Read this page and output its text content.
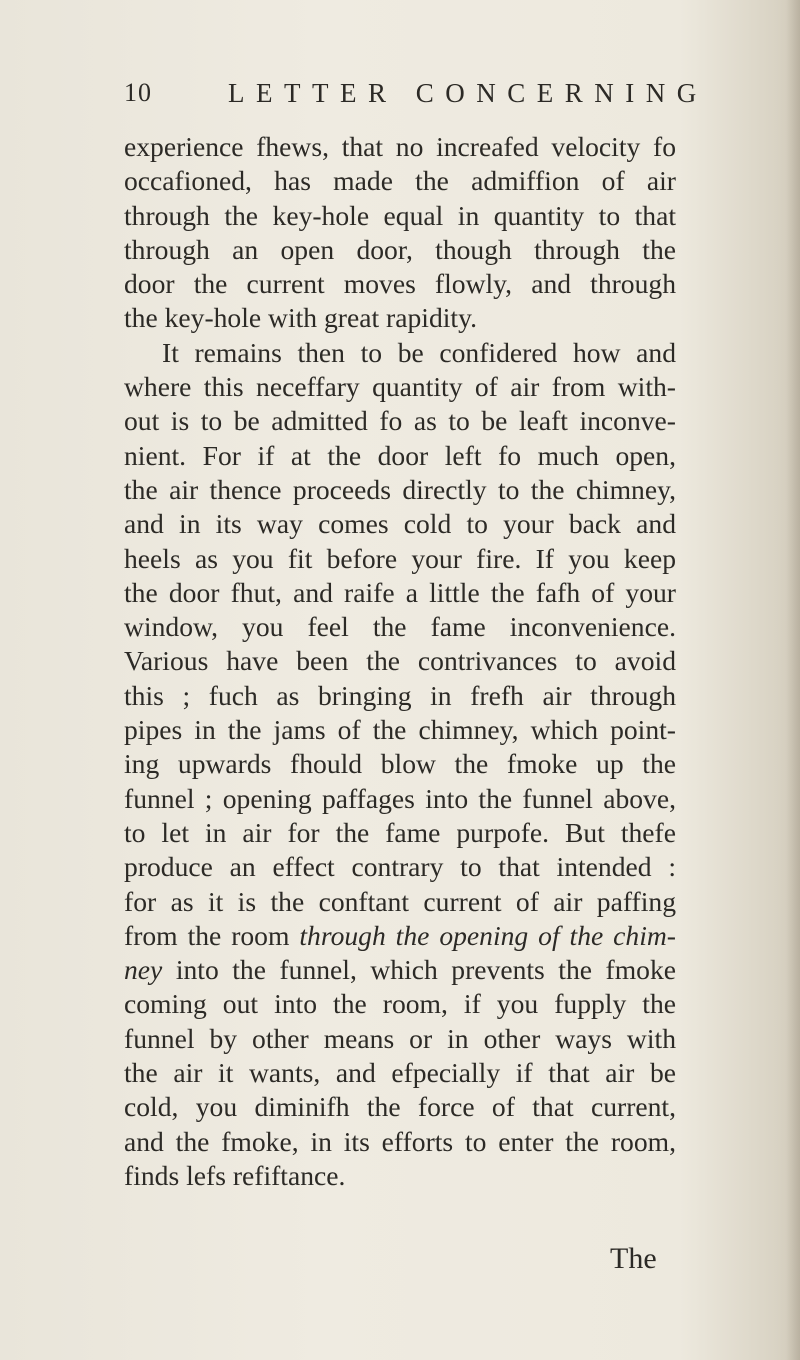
10	LETTER CONCERNING
experience fhews, that no increafed velocity fo
occafioned, has made the admiffion of air
through the key-hole equal in quantity to that
through an open door, though through the
door the current moves flowly, and through
the key-hole with great rapidity.
It remains then to be confidered how and
where this neceffary quantity of air from with-
out is to be admitted fo as to be leaft inconve-
nient. For if at the door left fo much open,
the air thence proceeds directly to the chimney,
and in its way comes cold to your back and
heels as you fit before your fire. If you keep
the door fhut, and raife a little the fafh of your
window, you feel the fame inconvenience.
Various have been the contrivances to avoid
this ; fuch as bringing in frefh air through
pipes in the jams of the chimney, which point-
ing upwards fhould blow the fmoke up the
funnel ; opening paffages into the funnel above,
to let in air for the fame purpofe. But thefe
produce an effect contrary to that intended :
for as it is the conftant current of air paffing
from the room through the opening of the chim-
ney into the funnel, which prevents the fmoke
coming out into the room, if you fupply the
funnel by other means or in other ways with
the air it wants, and efpecially if that air be
cold, you diminifh the force of that current,
and the fmoke, in its efforts to enter the room,
finds lefs refiftance.
The
